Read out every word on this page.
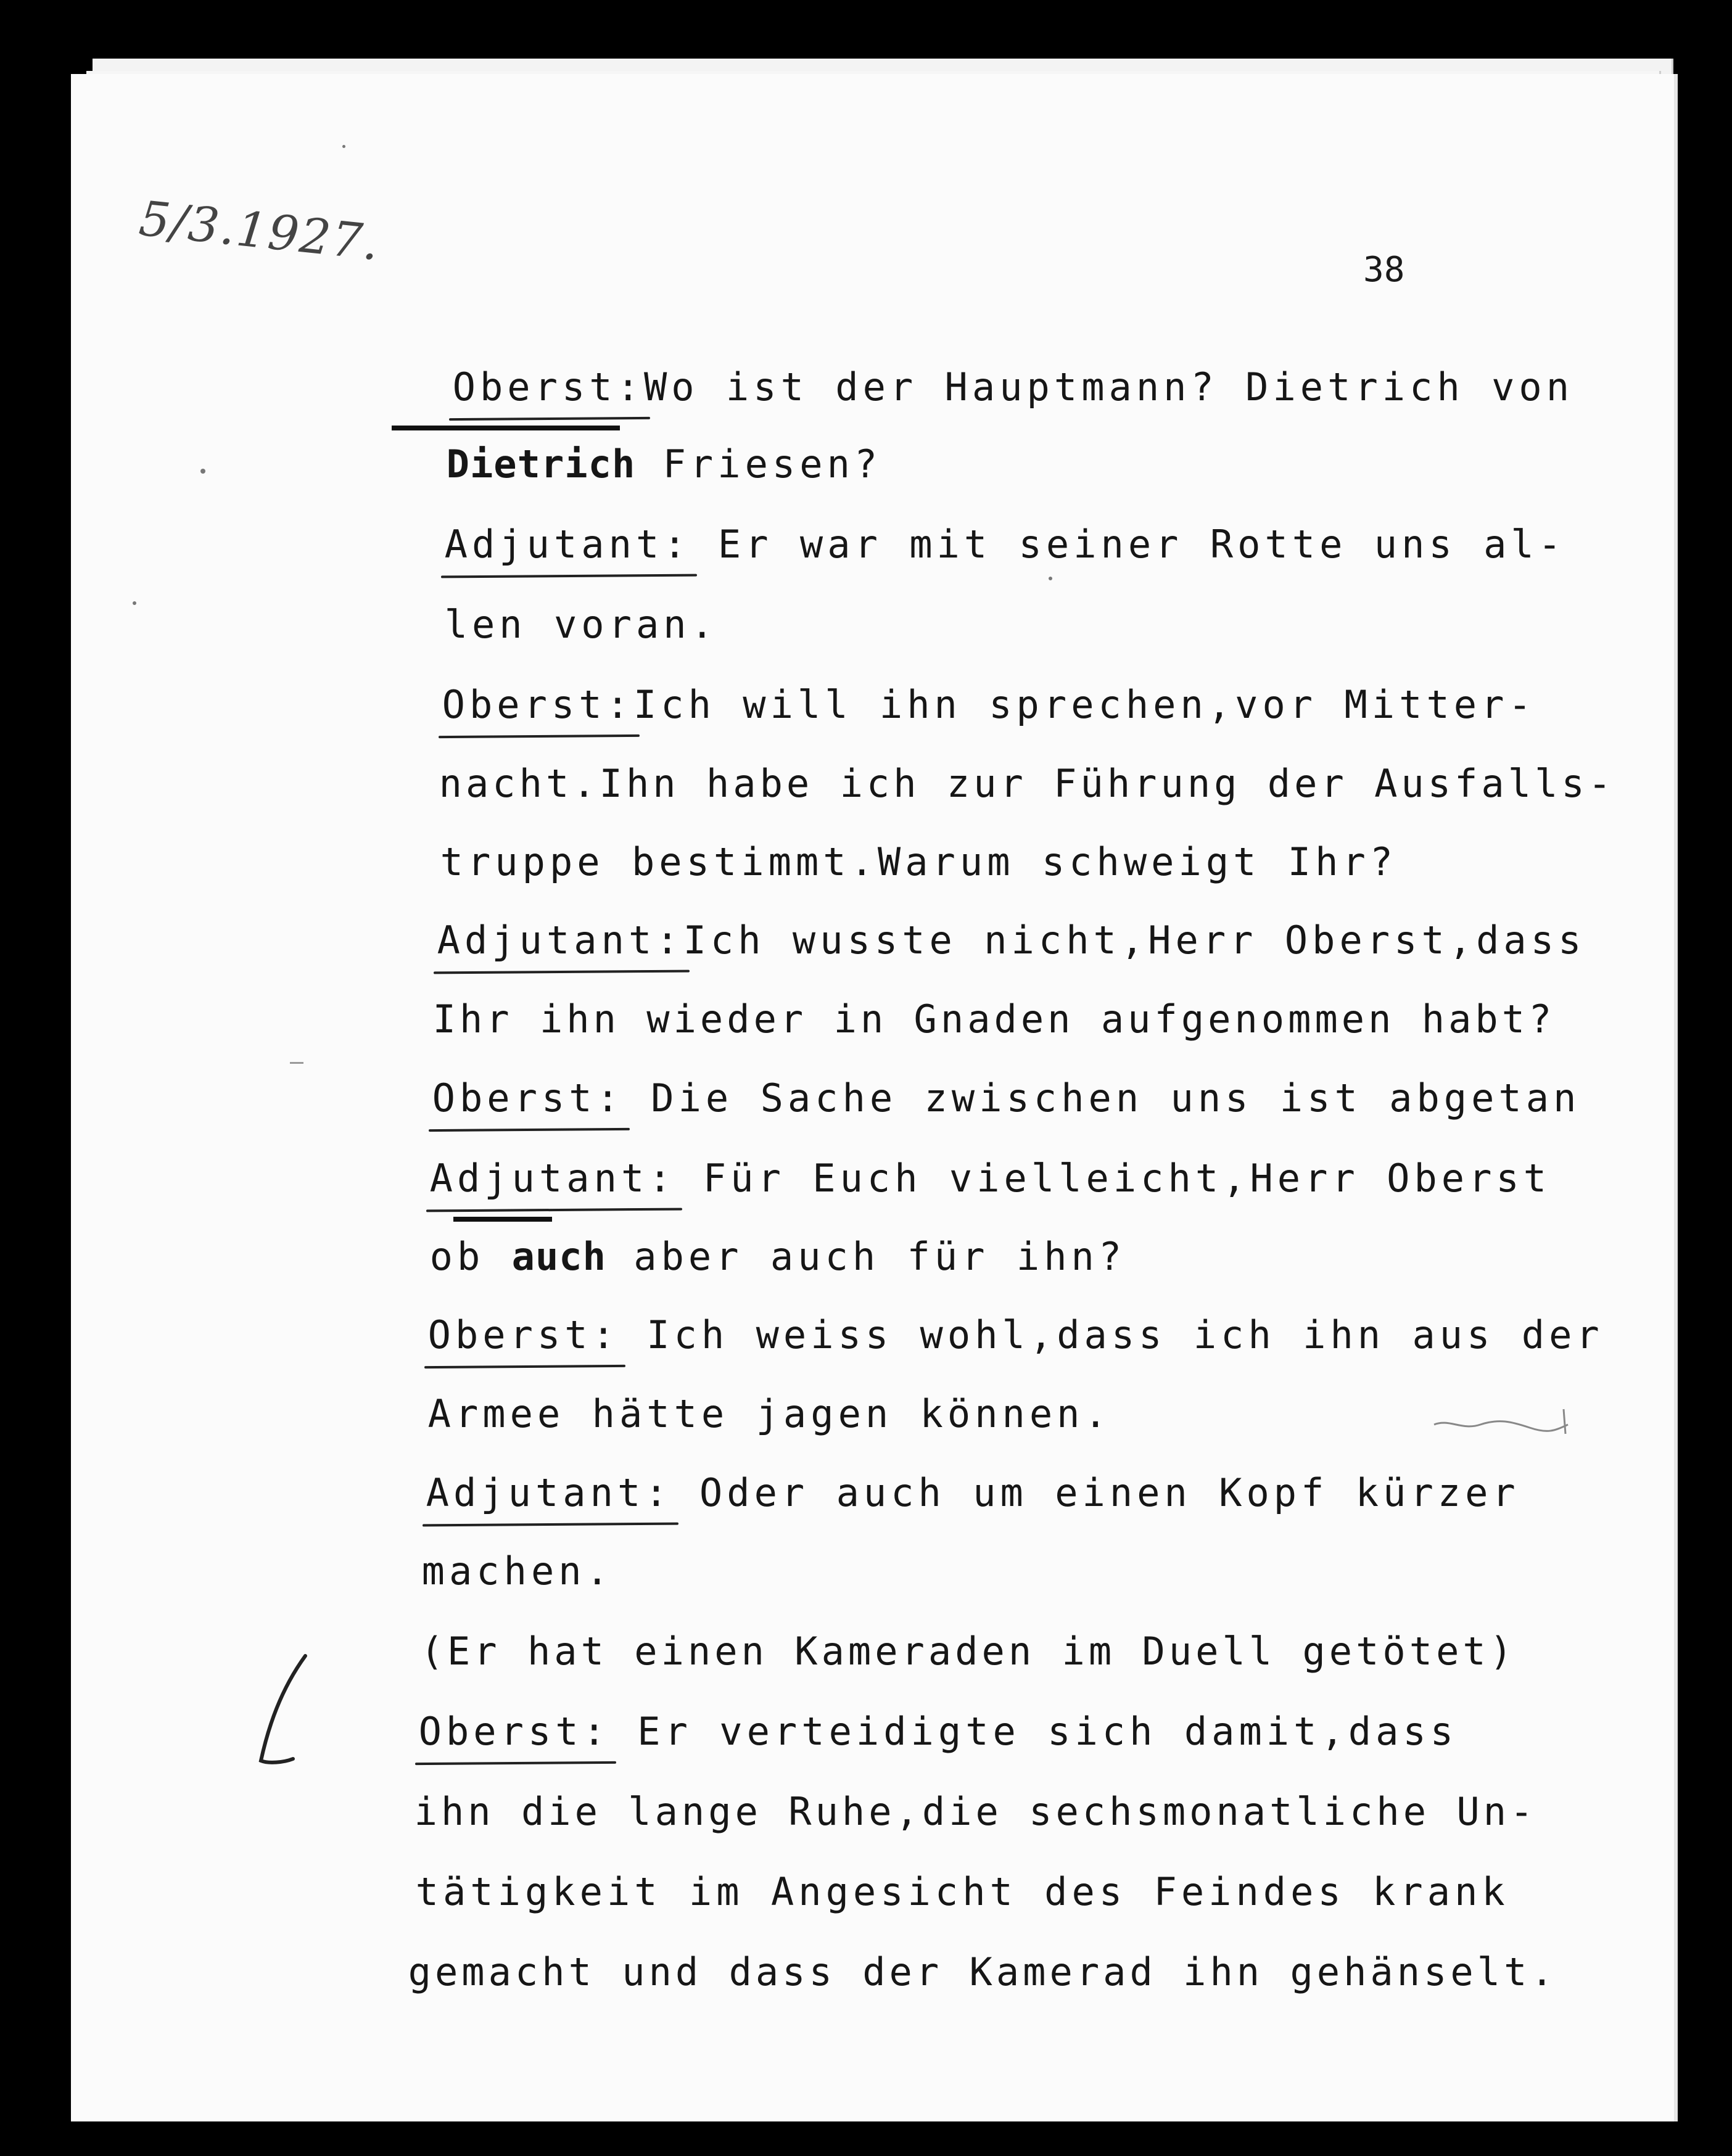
5/3.1927.	38

Oberst:Wo ist der Hauptmann? Dietrich von

Dietrich Friesen?

Adjutant: Er war mit seiner Rotte uns al-

len voran.

Oberst:Ich will ihn sprechen,vor Mitter-

nacht.Ihn habe ich zur Führung der Ausfalls-

truppe bestimmt.Warum schweigt Ihr?

Adjutant:Ich wusste nicht,Herr Oberst,dass

Ihr ihn wieder in Gnaden aufgenommen habt?

Oberst: Die Sache zwischen uns ist abgetan

Adjutant: Für Euch vielleicht,Herr Oberst

ob auch aber auch für ihn?

Oberst: Ich weiss wohl,dass ich ihn aus der

Armee hätte jagen können.

Adjutant: Oder auch um einen Kopf kürzer

machen.

(Er hat einen Kameraden im Duell getötet)

Oberst: Er verteidigte sich damit,dass

ihn die lange Ruhe,die sechsmonatliche Un-

tätigkeit im Angesicht des Feindes krank

gemacht und dass der Kamerad ihn gehänselt.
